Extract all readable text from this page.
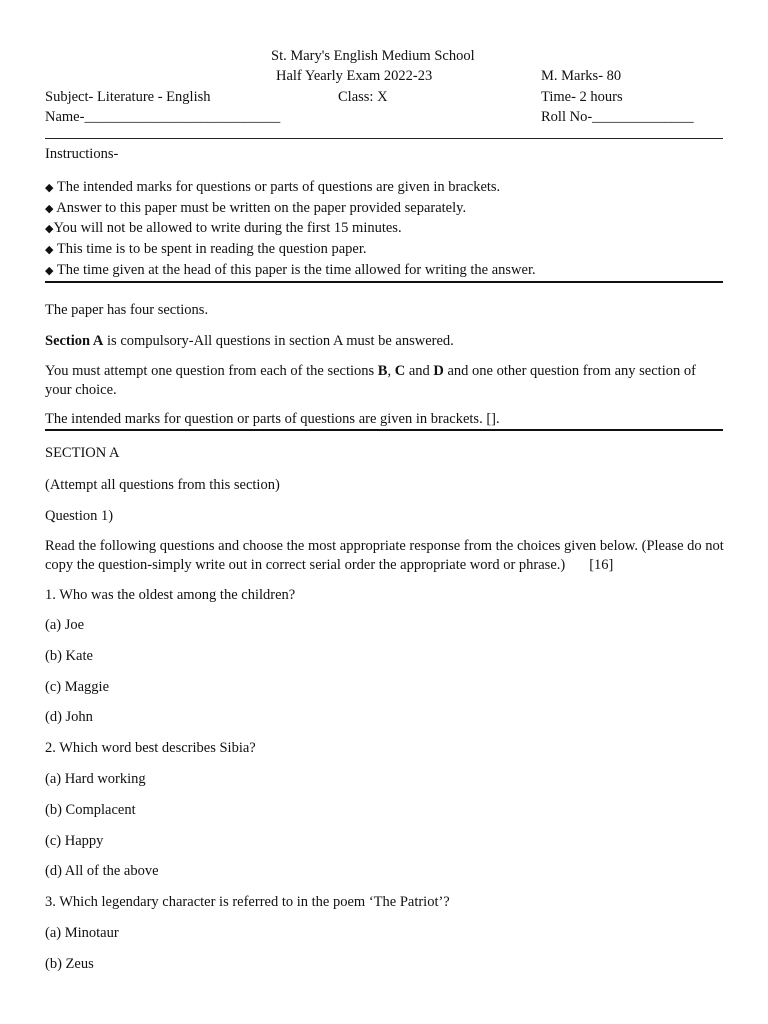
St. Mary's English Medium School
Half Yearly Exam 2022-23	M. Marks- 80
Subject- Literature - English	Class: X	Time- 2 hours
Name-___________________________	Roll No-______________
Instructions-
◆ The intended marks for questions or parts of questions are given in brackets.
◆ Answer to this paper must be written on the paper provided separately.
◆You will not be allowed to write during the first 15 minutes.
◆ This time is to be spent in reading the question paper.
◆ The time given at the head of this paper is the time allowed for writing the answer.
The paper has four sections.
Section A is compulsory-All questions in section A must be answered.
You must attempt one question from each of the sections B, C and D and one other question from any section of your choice.
The intended marks for question or parts of questions are given in brackets. [].
SECTION A
(Attempt all questions from this section)
Question 1)
Read the following questions and choose the most appropriate response from the choices given below. (Please do not copy the question-simply write out in correct serial order the appropriate word or phrase.) [16]
1. Who was the oldest among the children?
(a) Joe
(b) Kate
(c) Maggie
(d) John
2. Which word best describes Sibia?
(a) Hard working
(b) Complacent
(c) Happy
(d) All of the above
3. Which legendary character is referred to in the poem ‘The Patriot’?
(a) Minotaur
(b) Zeus
